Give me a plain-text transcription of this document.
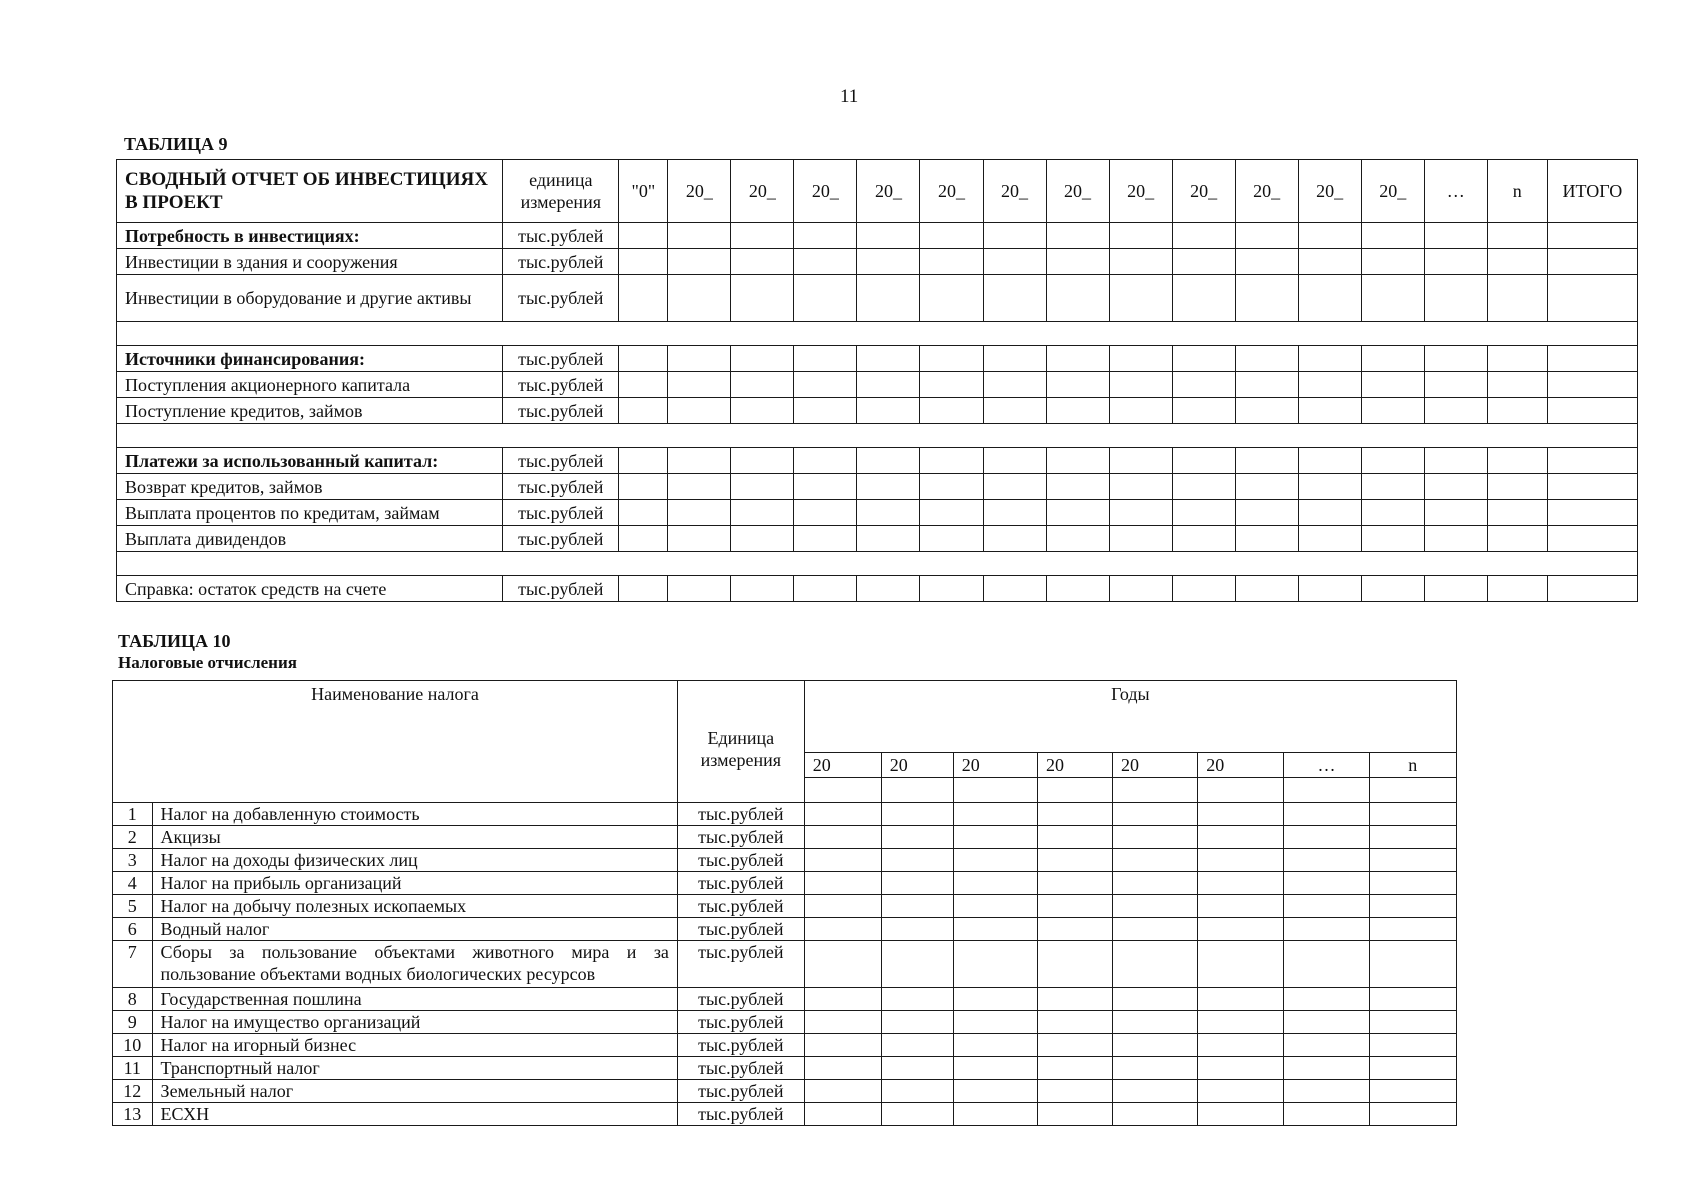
11
ТАБЛИЦА 9
СВОДНЫЙ ОТЧЕТ ОБ ИНВЕСТИЦИЯХ В ПРОЕКТ	единица измерения	"0"	20_	20_	20_	20_	20_	20_	20_	20_	20_	20_	20_	20_	…	n	ИТОГО
Потребность в инвестициях:	тыс.рублей																
Инвестиции в здания и сооружения	тыс.рублей																
Инвестиции в оборудование и другие активы	тыс.рублей																

Источники финансирования:	тыс.рублей																
Поступления акционерного капитала	тыс.рублей																
Поступление кредитов, займов	тыс.рублей																

Платежи за использованный капитал:	тыс.рублей																
Возврат кредитов, займов	тыс.рублей																
Выплата процентов по кредитам, займам	тыс.рублей																
Выплата дивидендов	тыс.рублей																

Справка: остаток средств на счете	тыс.рублей																
ТАБЛИЦА 10
Налоговые отчисления
Наименование налога		Единица измерения	Годы							
			20	20	20	20	20	20	…	n

1	Налог на добавленную стоимость	тыс.рублей								
2	Акцизы	тыс.рублей								
3	Налог на доходы физических лиц	тыс.рублей								
4	Налог на прибыль организаций	тыс.рублей								
5	Налог на добычу полезных ископаемых	тыс.рублей								
6	Водный налог	тыс.рублей								
7	Сборы за пользование объектами животного мира и за пользование объектами водных биологических ресурсов	тыс.рублей								
8	Государственная пошлина	тыс.рублей								
9	Налог на имущество организаций	тыс.рублей								
10	Налог на игорный бизнес	тыс.рублей								
11	Транспортный налог	тыс.рублей								
12	Земельный налог	тыс.рублей								
13	ЕСХН	тыс.рублей								
